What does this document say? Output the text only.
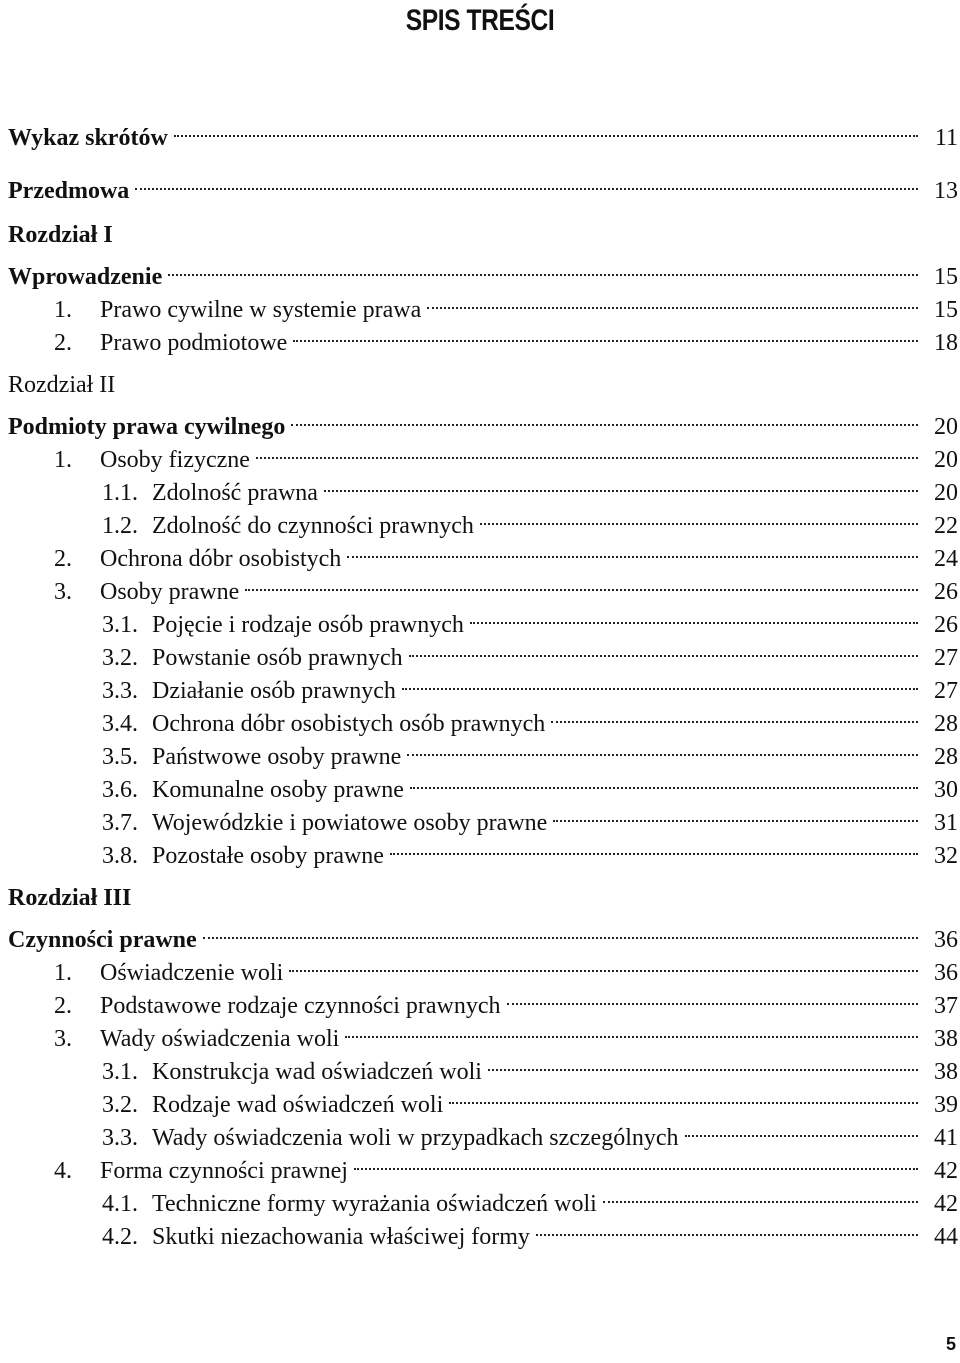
SPIS TREŚCI
Wykaz skrótów	11
Przedmowa	13
Rozdział I
Wprowadzenie	15
1.	Prawo cywilne w systemie prawa	15
2.	Prawo podmiotowe	18
Rozdział II
Podmioty prawa cywilnego	20
1.	Osoby fizyczne	20
1.1. Zdolność prawna	20
1.2. Zdolność do czynności prawnych	22
2.	Ochrona dóbr osobistych	24
3.	Osoby prawne	26
3.1. Pojęcie i rodzaje osób prawnych	26
3.2. Powstanie osób prawnych	27
3.3. Działanie osób prawnych	27
3.4. Ochrona dóbr osobistych osób prawnych	28
3.5. Państwowe osoby prawne	28
3.6. Komunalne osoby prawne	30
3.7. Wojewódzkie i powiatowe osoby prawne	31
3.8. Pozostałe osoby prawne	32
Rozdział III
Czynności prawne	36
1.	Oświadczenie woli	36
2.	Podstawowe rodzaje czynności prawnych	37
3.	Wady oświadczenia woli	38
3.1. Konstrukcja wad oświadczeń woli	38
3.2. Rodzaje wad oświadczeń woli	39
3.3. Wady oświadczenia woli w przypadkach szczególnych	41
4.	Forma czynności prawnej	42
4.1. Techniczne formy wyrażania oświadczeń woli	42
4.2. Skutki niezachowania właściwej formy	44
5
